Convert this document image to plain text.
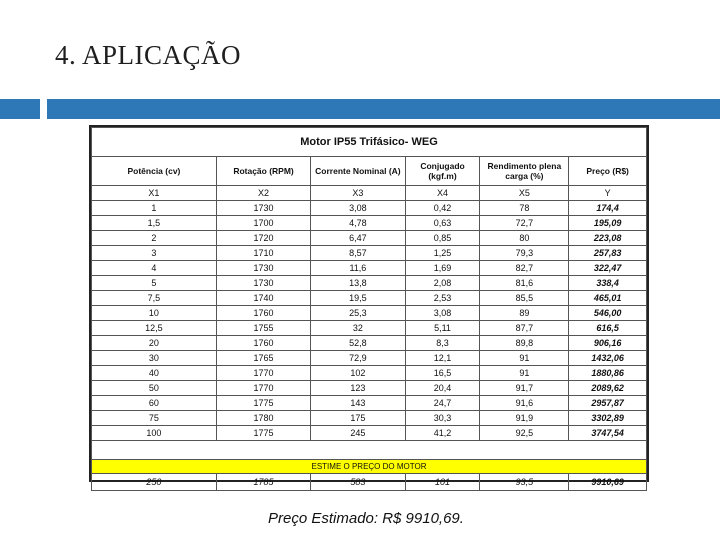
4. APLICAÇÃO
Motor IP55 Trifásico- WEG					
Potência (cv)	Rotação (RPM)	Corrente Nominal (A)	Conjugado (kgf.m)	Rendimento plena carga (%)	Preço (R$)
X1	X2	X3	X4	X5	Y
1	1730	3,08	0,42	78	174,4
1,5	1700	4,78	0,63	72,7	195,09
2	1720	6,47	0,85	80	223,08
3	1710	8,57	1,25	79,3	257,83
4	1730	11,6	1,69	82,7	322,47
5	1730	13,8	2,08	81,6	338,4
7,5	1740	19,5	2,53	85,5	465,01
10	1760	25,3	3,08	89	546,00
12,5	1755	32	5,11	87,7	616,5
20	1760	52,8	8,3	89,8	906,16
30	1765	72,9	12,1	91	1432,06
40	1770	102	16,5	91	1880,86
50	1770	123	20,4	91,7	2089,62
60	1775	143	24,7	91,6	2957,87
75	1780	175	30,3	91,9	3302,89
100	1775	245	41,2	92,5	3747,54

ESTIME O PREÇO DO MOTOR					
250	1785	583	101	93,5	9910,69
Preço Estimado: R$ 9910,69.
